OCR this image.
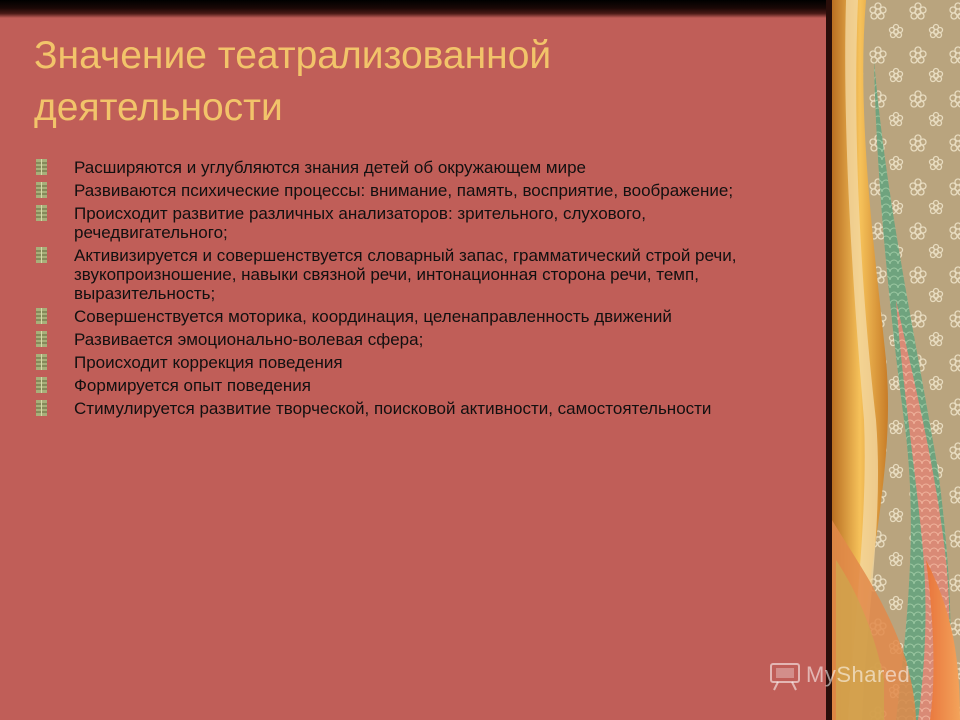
Значение театрализованной деятельности
Расширяются и углубляются знания детей об окружающем мире
Развиваются психические процессы: внимание, память, восприятие, воображение;
Происходит развитие различных анализаторов: зрительного, слухового, речедвигательного;
Активизируется и совершенствуется словарный запас, грамматический строй речи, звукопроизношение, навыки связной речи, интонационная сторона речи, темп, выразительность;
Совершенствуется моторика, координация, целенаправленность движений
Развивается эмоционально-волевая сфера;
Происходит коррекция поведения
Формируется опыт поведения
Стимулируется развитие творческой, поисковой активности, самостоятельности
MyShared
